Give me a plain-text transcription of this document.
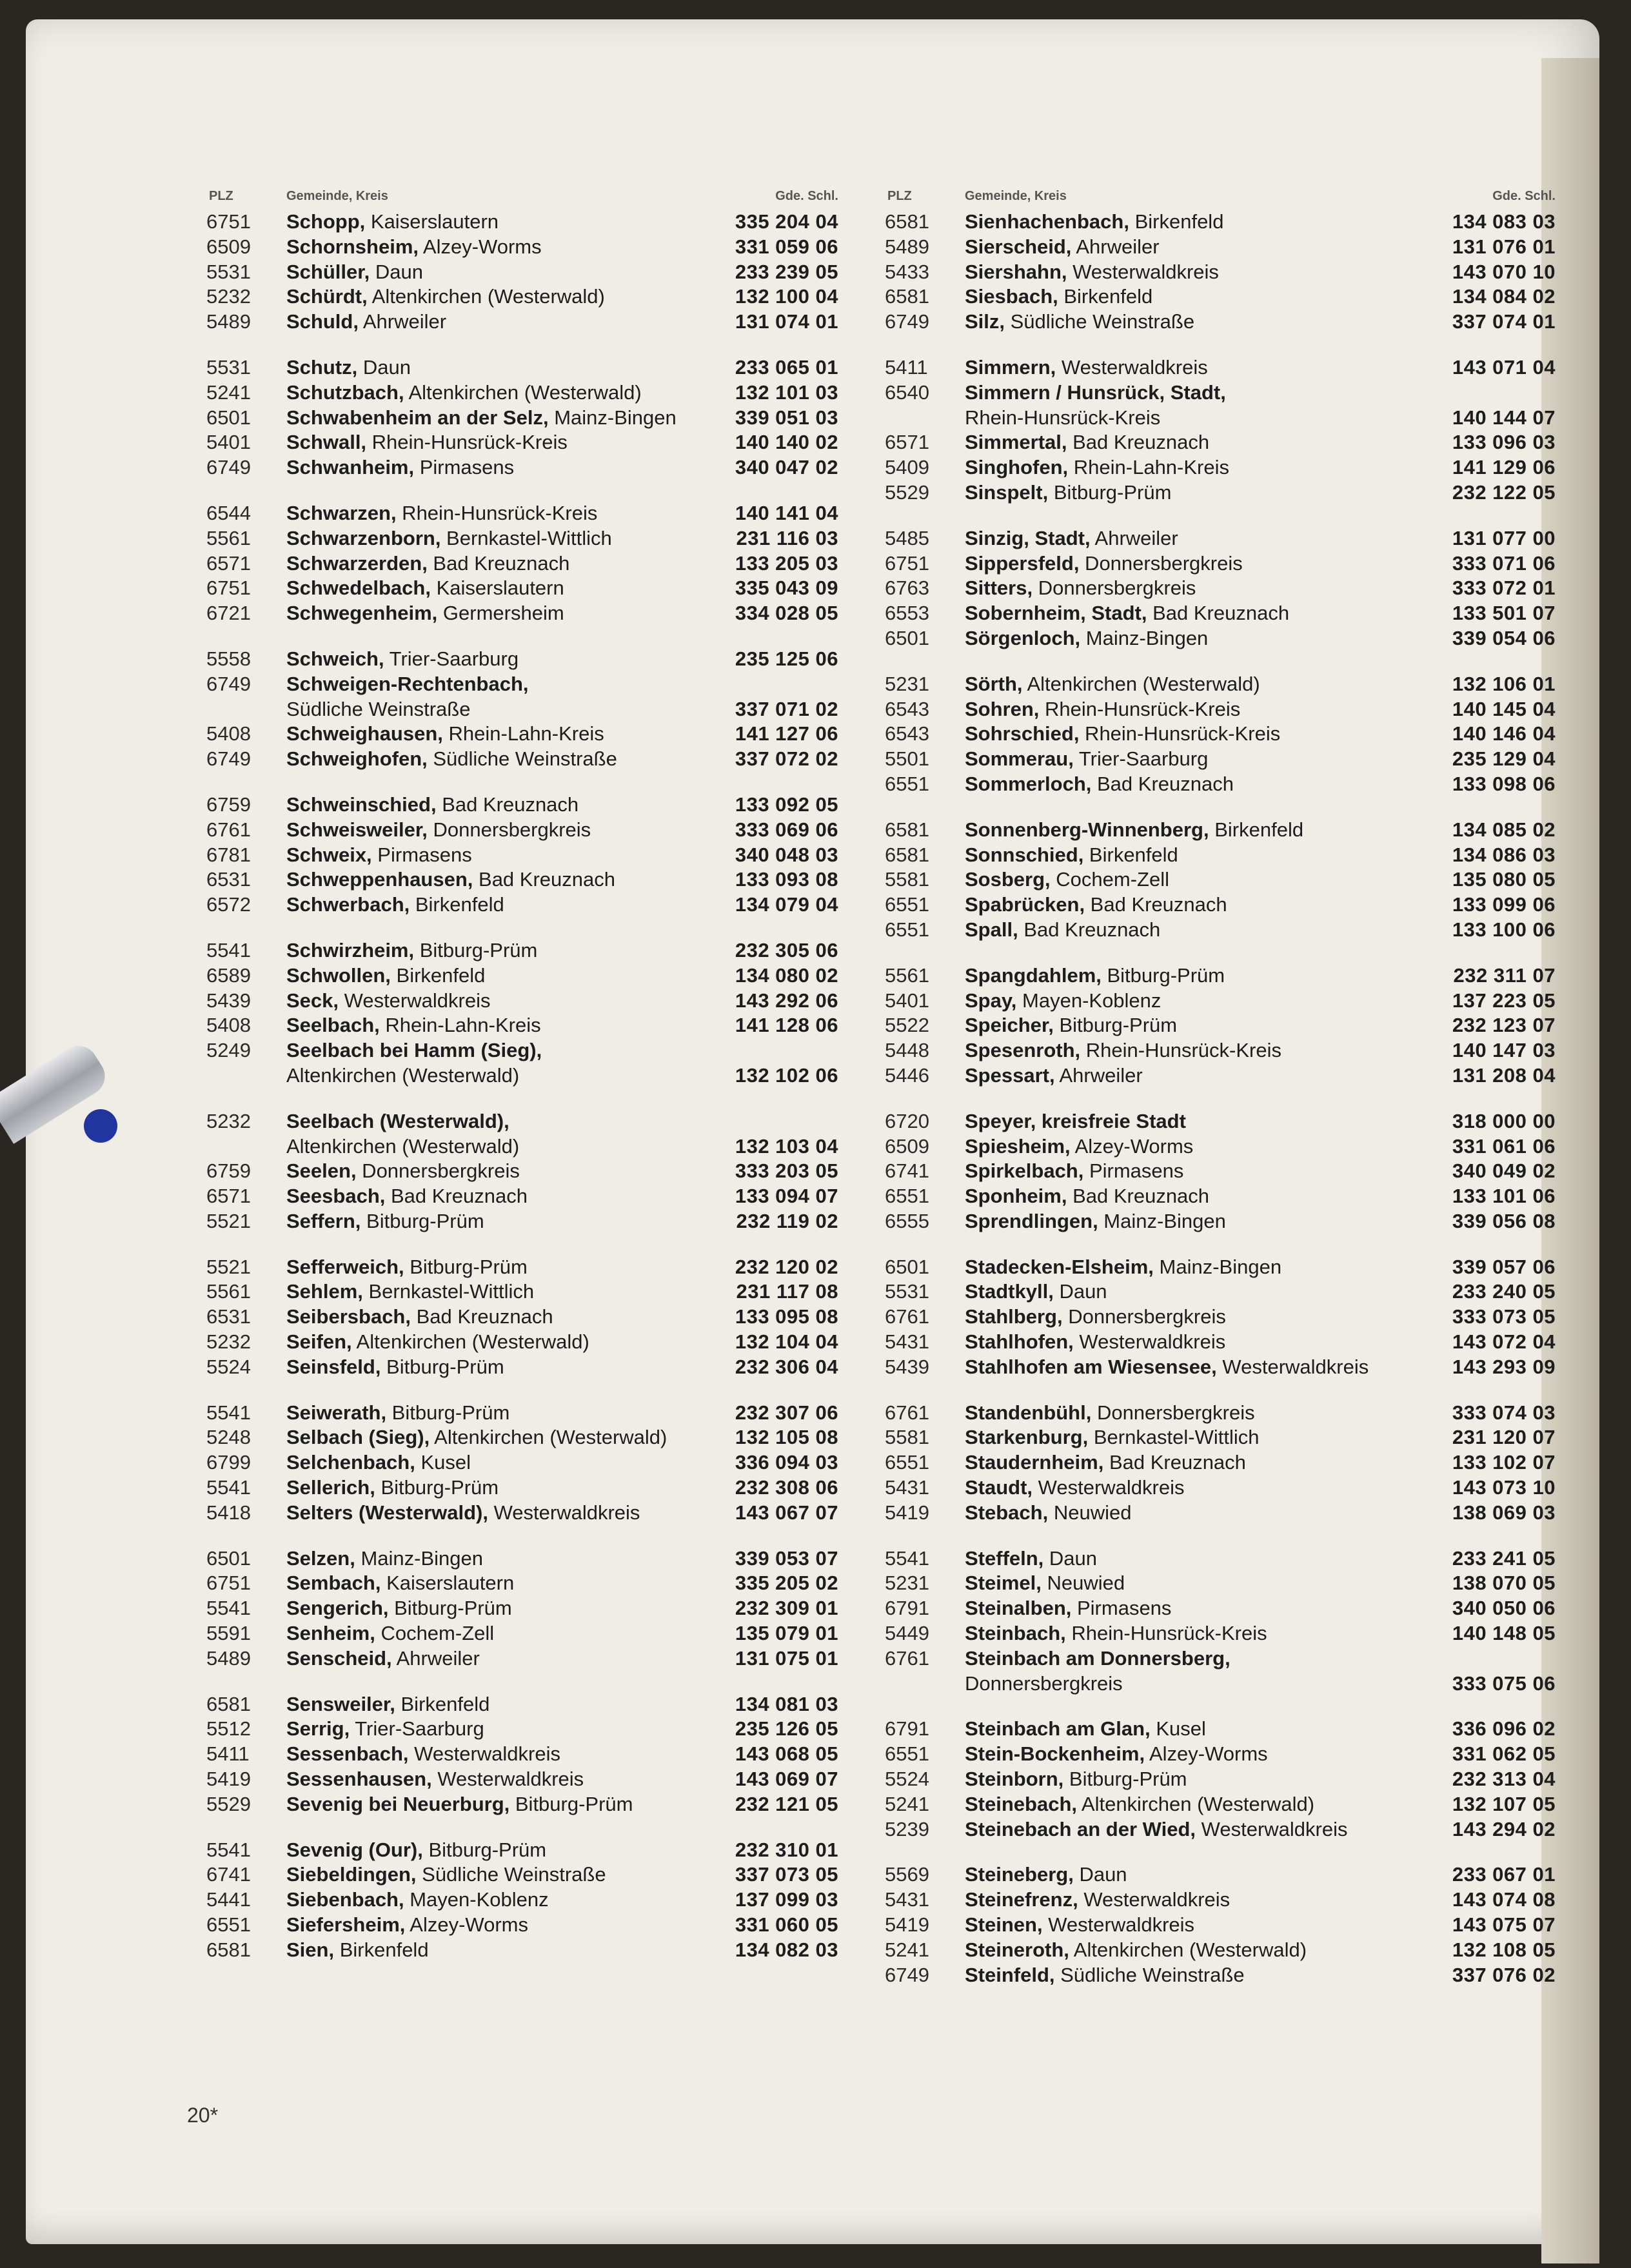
PLZ	Gemeinde, Kreis	Gde. Schl.
6751	Schopp, Kaiserslautern	335 204 04
6509	Schornsheim, Alzey-Worms	331 059 06
5531	Schüller, Daun	233 239 05
5232	Schürdt, Altenkirchen (Westerwald)	132 100 04
5489	Schuld, Ahrweiler	131 074 01
5531	Schutz, Daun	233 065 01
5241	Schutzbach, Altenkirchen (Westerwald)	132 101 03
6501	Schwabenheim an der Selz, Mainz-Bingen	339 051 03
5401	Schwall, Rhein-Hunsrück-Kreis	140 140 02
6749	Schwanheim, Pirmasens	340 047 02
6544	Schwarzen, Rhein-Hunsrück-Kreis	140 141 04
5561	Schwarzenborn, Bernkastel-Wittlich	231 116 03
6571	Schwarzerden, Bad Kreuznach	133 205 03
6751	Schwedelbach, Kaiserslautern	335 043 09
6721	Schwegenheim, Germersheim	334 028 05
5558	Schweich, Trier-Saarburg	235 125 06
6749	Schweigen-Rechtenbach,
Südliche Weinstraße	337 071 02
5408	Schweighausen, Rhein-Lahn-Kreis	141 127 06
6749	Schweighofen, Südliche Weinstraße	337 072 02
6759	Schweinschied, Bad Kreuznach	133 092 05
6761	Schweisweiler, Donnersbergkreis	333 069 06
6781	Schweix, Pirmasens	340 048 03
6531	Schweppenhausen, Bad Kreuznach	133 093 08
6572	Schwerbach, Birkenfeld	134 079 04
5541	Schwirzheim, Bitburg-Prüm	232 305 06
6589	Schwollen, Birkenfeld	134 080 02
5439	Seck, Westerwaldkreis	143 292 06
5408	Seelbach, Rhein-Lahn-Kreis	141 128 06
5249	Seelbach bei Hamm (Sieg),
Altenkirchen (Westerwald)	132 102 06
5232	Seelbach (Westerwald),
Altenkirchen (Westerwald)	132 103 04
6759	Seelen, Donnersbergkreis	333 203 05
6571	Seesbach, Bad Kreuznach	133 094 07
5521	Seffern, Bitburg-Prüm	232 119 02
5521	Sefferweich, Bitburg-Prüm	232 120 02
5561	Sehlem, Bernkastel-Wittlich	231 117 08
6531	Seibersbach, Bad Kreuznach	133 095 08
5232	Seifen, Altenkirchen (Westerwald)	132 104 04
5524	Seinsfeld, Bitburg-Prüm	232 306 04
5541	Seiwerath, Bitburg-Prüm	232 307 06
5248	Selbach (Sieg), Altenkirchen (Westerwald)	132 105 08
6799	Selchenbach, Kusel	336 094 03
5541	Sellerich, Bitburg-Prüm	232 308 06
5418	Selters (Westerwald), Westerwaldkreis	143 067 07
6501	Selzen, Mainz-Bingen	339 053 07
6751	Sembach, Kaiserslautern	335 205 02
5541	Sengerich, Bitburg-Prüm	232 309 01
5591	Senheim, Cochem-Zell	135 079 01
5489	Senscheid, Ahrweiler	131 075 01
6581	Sensweiler, Birkenfeld	134 081 03
5512	Serrig, Trier-Saarburg	235 126 05
5411	Sessenbach, Westerwaldkreis	143 068 05
5419	Sessenhausen, Westerwaldkreis	143 069 07
5529	Sevenig bei Neuerburg, Bitburg-Prüm	232 121 05
5541	Sevenig (Our), Bitburg-Prüm	232 310 01
6741	Siebeldingen, Südliche Weinstraße	337 073 05
5441	Siebenbach, Mayen-Koblenz	137 099 03
6551	Siefersheim, Alzey-Worms	331 060 05
6581	Sien, Birkenfeld	134 082 03
PLZ	Gemeinde, Kreis	Gde. Schl.
6581	Sienhachenbach, Birkenfeld	134 083 03
5489	Sierscheid, Ahrweiler	131 076 01
5433	Siershahn, Westerwaldkreis	143 070 10
6581	Siesbach, Birkenfeld	134 084 02
6749	Silz, Südliche Weinstraße	337 074 01
5411	Simmern, Westerwaldkreis	143 071 04
6540	Simmern / Hunsrück, Stadt,
Rhein-Hunsrück-Kreis	140 144 07
6571	Simmertal, Bad Kreuznach	133 096 03
5409	Singhofen, Rhein-Lahn-Kreis	141 129 06
5529	Sinspelt, Bitburg-Prüm	232 122 05
5485	Sinzig, Stadt, Ahrweiler	131 077 00
6751	Sippersfeld, Donnersbergkreis	333 071 06
6763	Sitters, Donnersbergkreis	333 072 01
6553	Sobernheim, Stadt, Bad Kreuznach	133 501 07
6501	Sörgenloch, Mainz-Bingen	339 054 06
5231	Sörth, Altenkirchen (Westerwald)	132 106 01
6543	Sohren, Rhein-Hunsrück-Kreis	140 145 04
6543	Sohrschied, Rhein-Hunsrück-Kreis	140 146 04
5501	Sommerau, Trier-Saarburg	235 129 04
6551	Sommerloch, Bad Kreuznach	133 098 06
6581	Sonnenberg-Winnenberg, Birkenfeld	134 085 02
6581	Sonnschied, Birkenfeld	134 086 03
5581	Sosberg, Cochem-Zell	135 080 05
6551	Spabrücken, Bad Kreuznach	133 099 06
6551	Spall, Bad Kreuznach	133 100 06
5561	Spangdahlem, Bitburg-Prüm	232 311 07
5401	Spay, Mayen-Koblenz	137 223 05
5522	Speicher, Bitburg-Prüm	232 123 07
5448	Spesenroth, Rhein-Hunsrück-Kreis	140 147 03
5446	Spessart, Ahrweiler	131 208 04
6720	Speyer, kreisfreie Stadt	318 000 00
6509	Spiesheim, Alzey-Worms	331 061 06
6741	Spirkelbach, Pirmasens	340 049 02
6551	Sponheim, Bad Kreuznach	133 101 06
6555	Sprendlingen, Mainz-Bingen	339 056 08
6501	Stadecken-Elsheim, Mainz-Bingen	339 057 06
5531	Stadtkyll, Daun	233 240 05
6761	Stahlberg, Donnersbergkreis	333 073 05
5431	Stahlhofen, Westerwaldkreis	143 072 04
5439	Stahlhofen am Wiesensee, Westerwaldkreis	143 293 09
6761	Standenbühl, Donnersbergkreis	333 074 03
5581	Starkenburg, Bernkastel-Wittlich	231 120 07
6551	Staudernheim, Bad Kreuznach	133 102 07
5431	Staudt, Westerwaldkreis	143 073 10
5419	Stebach, Neuwied	138 069 03
5541	Steffeln, Daun	233 241 05
5231	Steimel, Neuwied	138 070 05
6791	Steinalben, Pirmasens	340 050 06
5449	Steinbach, Rhein-Hunsrück-Kreis	140 148 05
6761	Steinbach am Donnersberg,
Donnersbergkreis	333 075 06
6791	Steinbach am Glan, Kusel	336 096 02
6551	Stein-Bockenheim, Alzey-Worms	331 062 05
5524	Steinborn, Bitburg-Prüm	232 313 04
5241	Steinebach, Altenkirchen (Westerwald)	132 107 05
5239	Steinebach an der Wied, Westerwaldkreis	143 294 02
5569	Steineberg, Daun	233 067 01
5431	Steinefrenz, Westerwaldkreis	143 074 08
5419	Steinen, Westerwaldkreis	143 075 07
5241	Steineroth, Altenkirchen (Westerwald)	132 108 05
6749	Steinfeld, Südliche Weinstraße	337 076 02
20*
